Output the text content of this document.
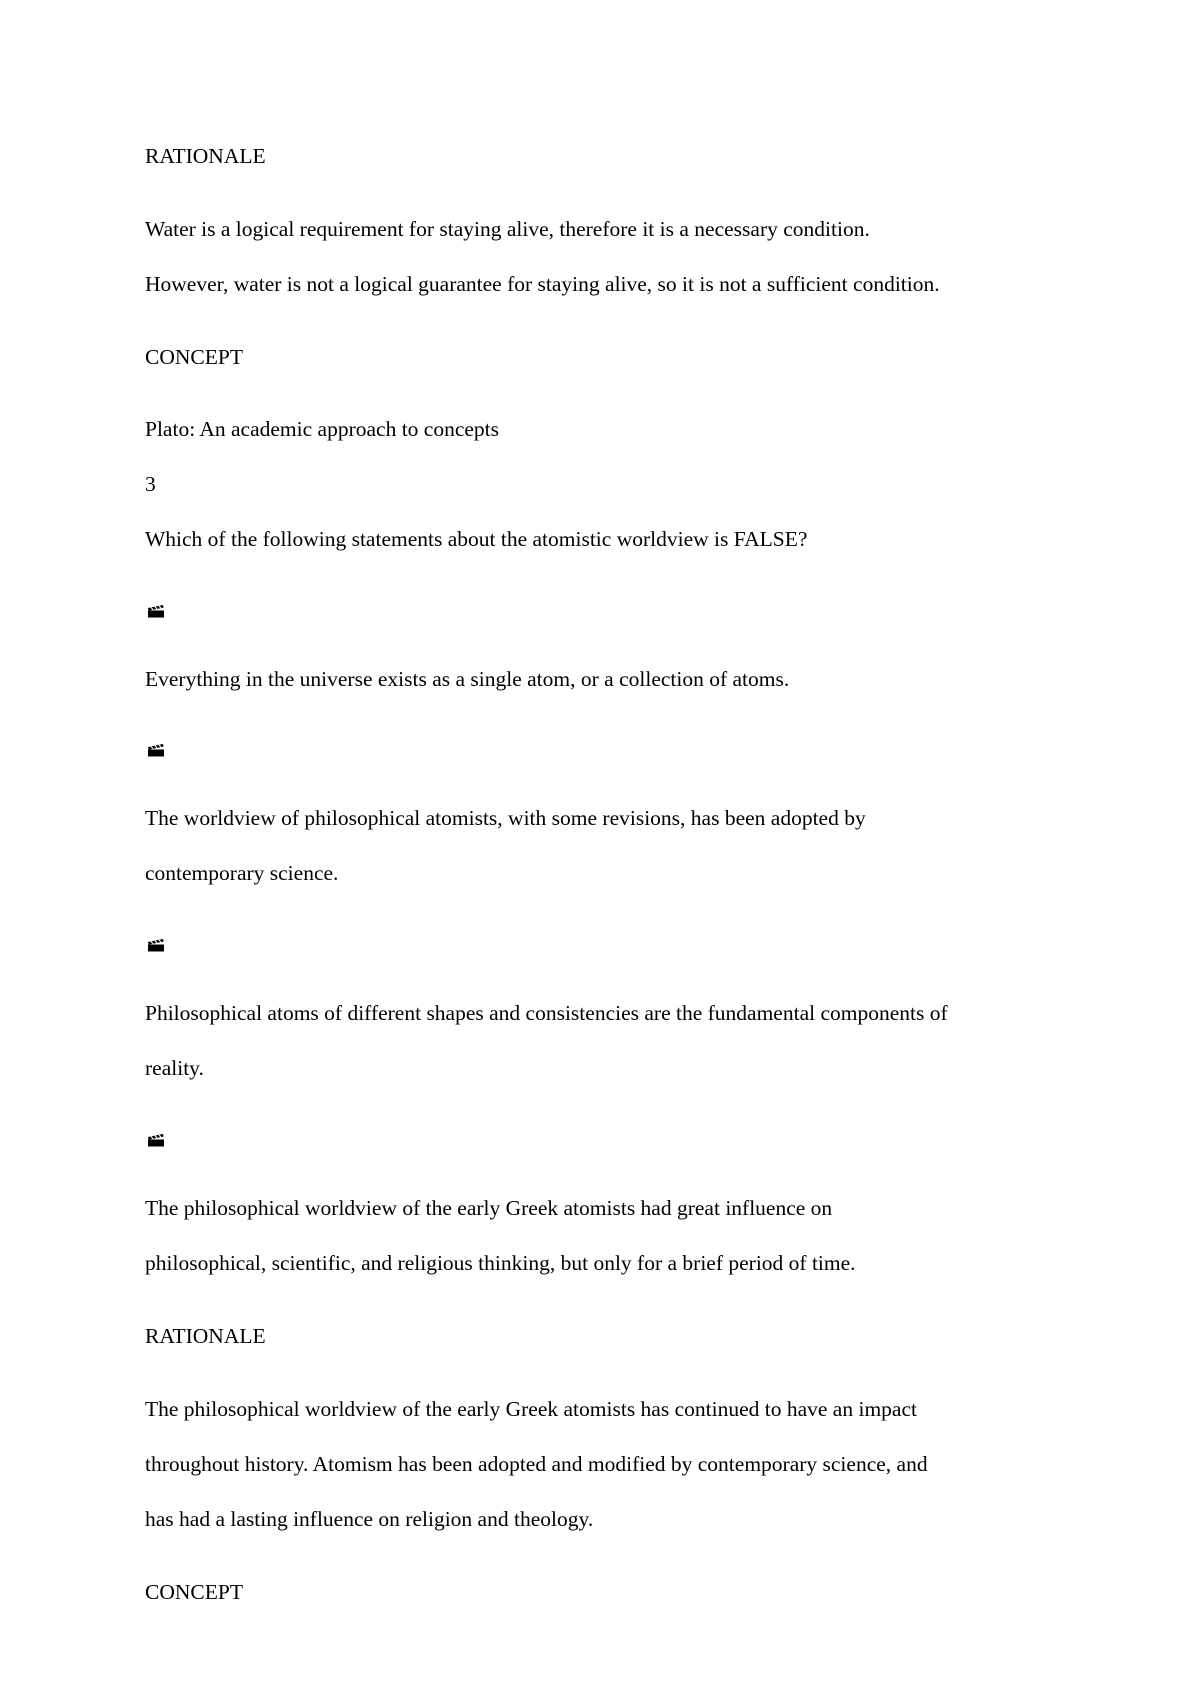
RATIONALE
Water is a logical requirement for staying alive, therefore it is a necessary condition.
However, water is not a logical guarantee for staying alive, so it is not a sufficient condition.
CONCEPT
Plato: An academic approach to concepts
3
Which of the following statements about the atomistic worldview is FALSE?
Everything in the universe exists as a single atom, or a collection of atoms.
The worldview of philosophical atomists, with some revisions, has been adopted by
contemporary science.
Philosophical atoms of different shapes and consistencies are the fundamental components of
reality.
The philosophical worldview of the early Greek atomists had great influence on
philosophical, scientific, and religious thinking, but only for a brief period of time.
RATIONALE
The philosophical worldview of the early Greek atomists has continued to have an impact
throughout history. Atomism has been adopted and modified by contemporary science, and
has had a lasting influence on religion and theology.
CONCEPT
